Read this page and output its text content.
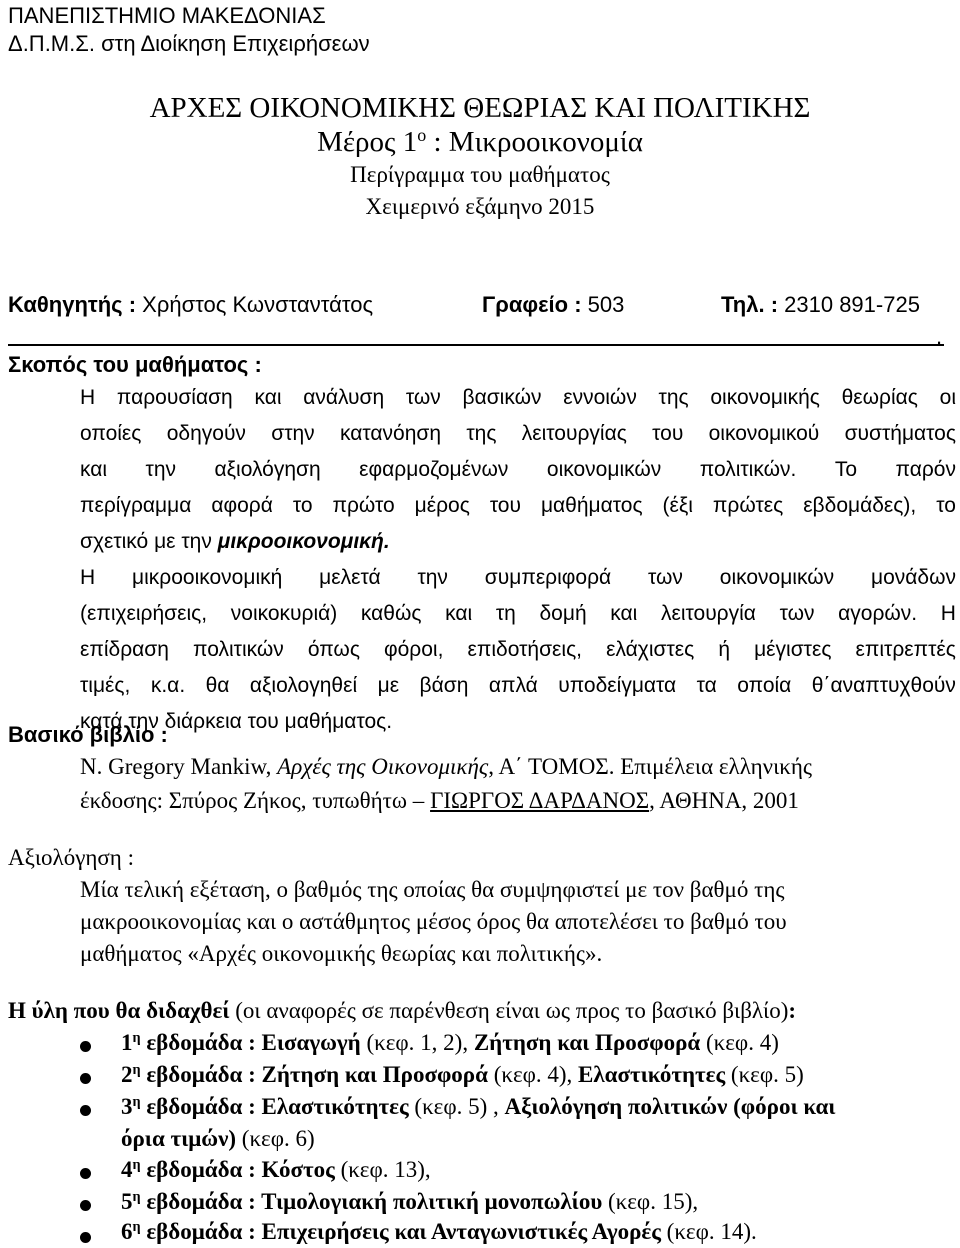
ΠΑΝΕΠΙΣΤΗΜΙΟ ΜΑΚΕΔΟΝΙΑΣ
Δ.Π.Μ.Σ. στη Διοίκηση Επιχειρήσεων
ΑΡΧΕΣ ΟΙΚΟΝΟΜΙΚΗΣ ΘΕΩΡΙΑΣ ΚΑΙ ΠΟΛΙΤΙΚΗΣ
Μέρος $1^o$ : Μικροοικονομία
Περίγραμμα του μαθήματος
Χειμερινό εξάμηνο 2015
Καθηγητής : Χρήστος Κωνσταντάτος	Γραφείο : 503	Τηλ. : 2310 891-725
.
Σκοπός του μαθήματος :
Η παρουσίαση και ανάλυση των βασικών εννοιών της οικονομικής θεωρίας οι
οποίες οδηγούν στην κατανόηση της λειτουργίας του οικονομικού συστήματος
και την αξιολόγηση εφαρμοζομένων οικονομικών πολιτικών. Το παρόν
περίγραμμα αφορά το πρώτο μέρος του μαθήματος (έξι πρώτες εβδομάδες), το
σχετικό με την μικροοικονομική.
Η μικροοικονομική μελετά την συμπεριφορά των οικονομικών μονάδων
(επιχειρήσεις, νοικοκυριά) καθώς και τη δομή και λειτουργία των αγορών. Η
επίδραση πολιτικών όπως φόροι, επιδοτήσεις, ελάχιστες ή μέγιστες επιτρεπτές
τιμές, κ.α. θα αξιολογηθεί με βάση απλά υποδείγματα τα οποία θ΄αναπτυχθούν
κατά την διάρκεια του μαθήματος.
Βασικό βιβλίο :
N. Gregory Mankiw, Αρχές της Οικονομικής, Α΄ ΤΟΜΟΣ. Επιμέλεια ελληνικής
έκδοσης: Σπύρος Ζήκος, τυπωθήτω – ΓΙΩΡΓΟΣ ΔΑΡΔΑΝΟΣ, ΑΘΗΝΑ, 2001
Αξιολόγηση :
Μία τελική εξέταση, ο βαθμός της οποίας θα συμψηφιστεί με τον βαθμό της
μακροοικονομίας και ο αστάθμητος μέσος όρος θα αποτελέσει το βαθμό του
μαθήματος «Αρχές οικονομικής θεωρίας και πολιτικής».
Η ύλη που θα διδαχθεί (οι αναφορές σε παρένθεση είναι ως προς το βασικό βιβλίο):
$1^\eta$ εβδομάδα : Εισαγωγή (κεφ. 1, 2), Ζήτηση και Προσφορά (κεφ. 4)
$2^\eta$ εβδομάδα : Ζήτηση και Προσφορά (κεφ. 4), Ελαστικότητες (κεφ. 5)
$3^\eta$ εβδομάδα : Ελαστικότητες (κεφ. 5) , Αξιολόγηση πολιτικών (φόροι και
όρια τιμών) (κεφ. 6)
$4^\eta$ εβδομάδα : Κόστος (κεφ. 13),
$5^\eta$ εβδομάδα : Τιμολογιακή πολιτική μονοπωλίου (κεφ. 15),
$6^\eta$ εβδομάδα : Επιχειρήσεις και Ανταγωνιστικές Αγορές (κεφ. 14).
